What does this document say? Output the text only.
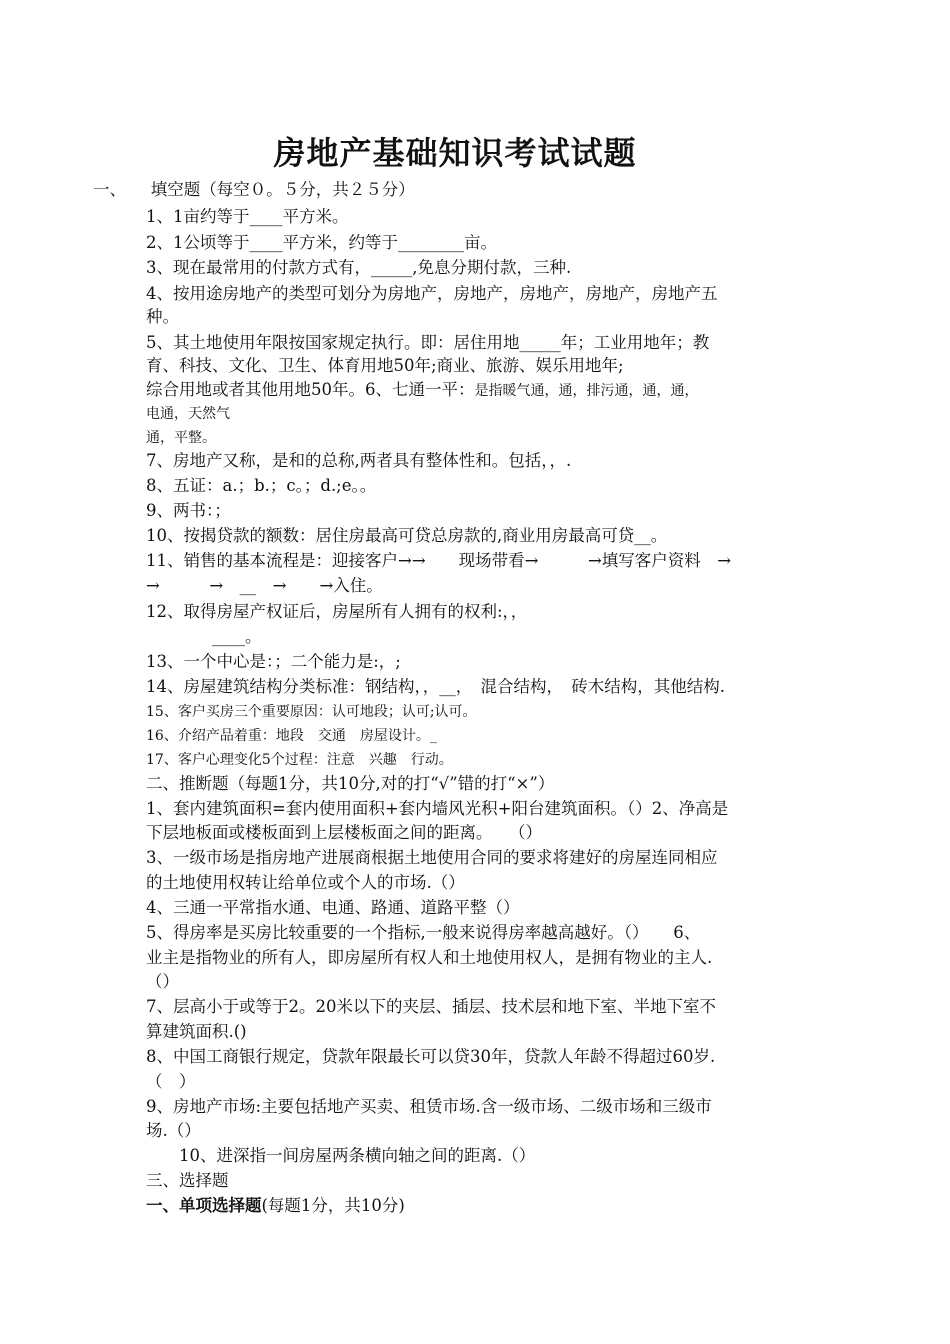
房地产基础知识考试试题
一、　　填空题（每空０。５分，共２５分）
1、1亩约等于____平方米。
2、1公顷等于____平方米，约等于________亩。
3、现在最常用的付款方式有，_____,免息分期付款，三种.
4、按用途房地产的类型可划分为房地产，房地产，房地产，房地产，房地产五
种。
5、其土地使用年限按国家规定执行。即：居住用地_____年；工业用地年；教
育、科技、文化、卫生、体育用地50年;商业、旅游、娱乐用地年;
综合用地或者其他用地50年。6、七通一平：是指暖气通，通，排污通，通，通，
电通，天然气
通，平整。
7、房地产又称，是和的总称,两者具有整体性和。包括，，.
8、五证：a.；b.；c。；d.;e。。
9、两书：；
10、按揭贷款的额数：居住房最高可贷总房款的,商业用房最高可贷__。
11、销售的基本流程是：迎接客户→→　　现场带看→　　　→填写客户资料　→
→　　　→　__　→　　→入住。
12、取得房屋产权证后，房屋所有人拥有的权利:，，
　　　　____。
13、一个中心是：；二个能力是:，;
14、房屋建筑结构分类标准：钢结构，，__，　混合结构，　砖木结构，其他结构.
15、客户买房三个重要原因：认可地段；认可;认可。
16、介绍产品着重：地段　交通　房屋设计。_
17、客户心理变化5个过程：注意　兴趣　行动。
二、推断题（每题1分，共10分,对的打“√”错的打“×”）
1、套内建筑面积=套内使用面积+套内墙风光积+阳台建筑面积。（）2、净高是
下层地板面或楼板面到上层楼板面之间的距离。　　（）
3、一级市场是指房地产进展商根据土地使用合同的要求将建好的房屋连同相应
的土地使用权转让给单位或个人的市场.（）
4、三通一平常指水通、电通、路通、道路平整（）
5、得房率是买房比较重要的一个指标,一般来说得房率越高越好。（）　　6、
业主是指物业的所有人，即房屋所有权人和土地使用权人，是拥有物业的主人.
（）
7、层高小于或等于2。20米以下的夹层、插层、技术层和地下室、半地下室不
算建筑面积.()
8、中国工商银行规定，贷款年限最长可以贷30年，贷款人年龄不得超过60岁.
（　）
9、房地产市场:主要包括地产买卖、租赁市场.含一级市场、二级市场和三级市
场.（）
　　10、进深指一间房屋两条横向轴之间的距离.（）
三、选择题
一、单项选择题(每题1分，共10分)
